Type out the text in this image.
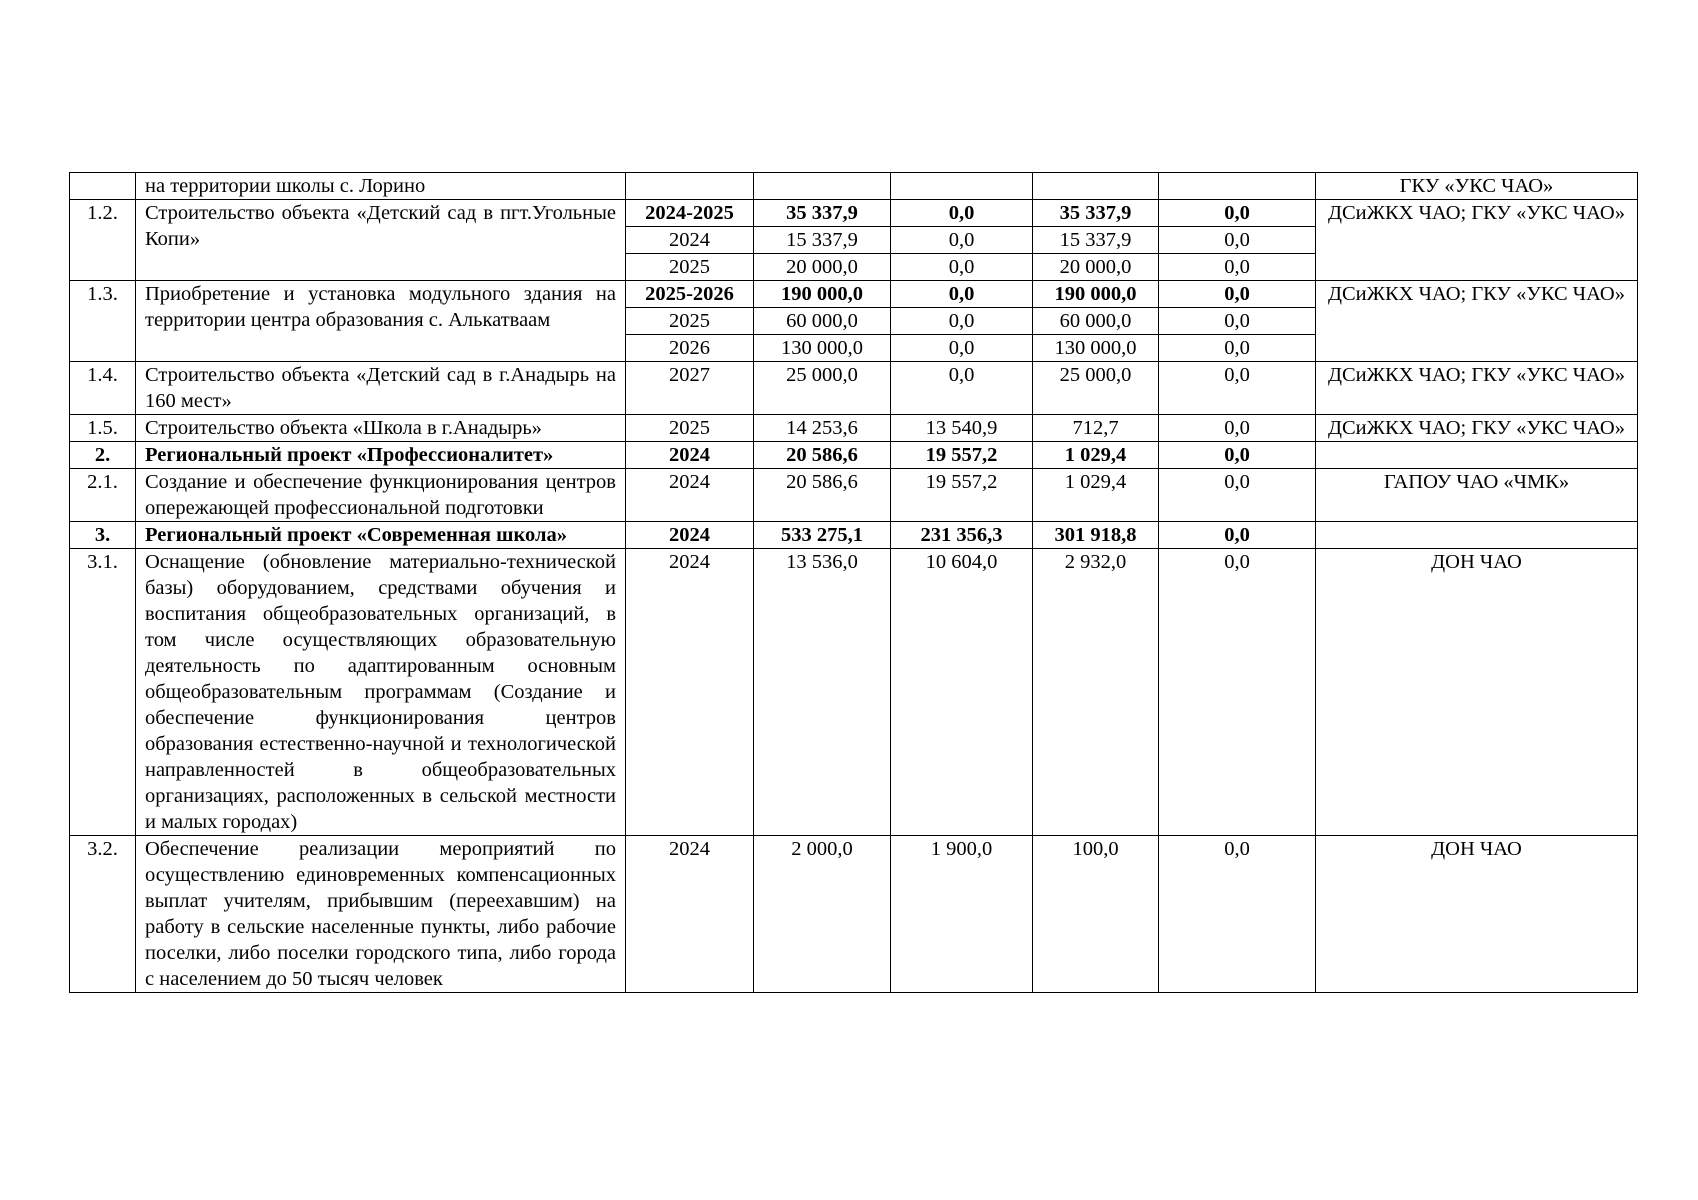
	на территории школы с. Лорино						ГКУ «УКС ЧАО»
1.2.	Строительство объекта «Детский сад в пгт.Угольные Копи»	2024-2025	35 337,9	0,0	35 337,9	0,0	ДСиЖКХ ЧАО; ГКУ «УКС ЧАО»
		2024	15 337,9	0,0	15 337,9	0,0	
		2025	20 000,0	0,0	20 000,0	0,0	
1.3.	Приобретение и установка модульного здания на территории центра образования с. Алькатваам	2025-2026	190 000,0	0,0	190 000,0	0,0	ДСиЖКХ ЧАО; ГКУ «УКС ЧАО»
		2025	60 000,0	0,0	60 000,0	0,0	
		2026	130 000,0	0,0	130 000,0	0,0	
1.4.	Строительство объекта «Детский сад в г.Анадырь на 160 мест»	2027	25 000,0	0,0	25 000,0	0,0	ДСиЖКХ ЧАО; ГКУ «УКС ЧАО»
1.5.	Строительство объекта «Школа в г.Анадырь»	2025	14 253,6	13 540,9	712,7	0,0	ДСиЖКХ ЧАО; ГКУ «УКС ЧАО»
2.	Региональный проект «Профессионалитет»	2024	20 586,6	19 557,2	1 029,4	0,0	
2.1.	Создание и обеспечение функционирования центров опережающей профессиональной подготовки	2024	20 586,6	19 557,2	1 029,4	0,0	ГАПОУ ЧАО «ЧМК»
3.	Региональный проект «Современная школа»	2024	533 275,1	231 356,3	301 918,8	0,0	
3.1.	Оснащение (обновление материально-технической базы) оборудованием, средствами обучения и воспитания общеобразовательных организаций, в том числе осуществляющих образовательную деятельность по адаптированным основным общеобразовательным программам (Создание и обеспечение функционирования центров образования естественно-научной и технологической направленностей в общеобразовательных организациях, расположенных в сельской местности и малых городах)	2024	13 536,0	10 604,0	2 932,0	0,0	ДОН ЧАО
3.2.	Обеспечение реализации мероприятий по осуществлению единовременных компенсационных выплат учителям, прибывшим (переехавшим) на работу в сельские населенные пункты, либо рабочие поселки, либо поселки городского типа, либо города с населением до 50 тысяч человек	2024	2 000,0	1 900,0	100,0	0,0	ДОН ЧАО
